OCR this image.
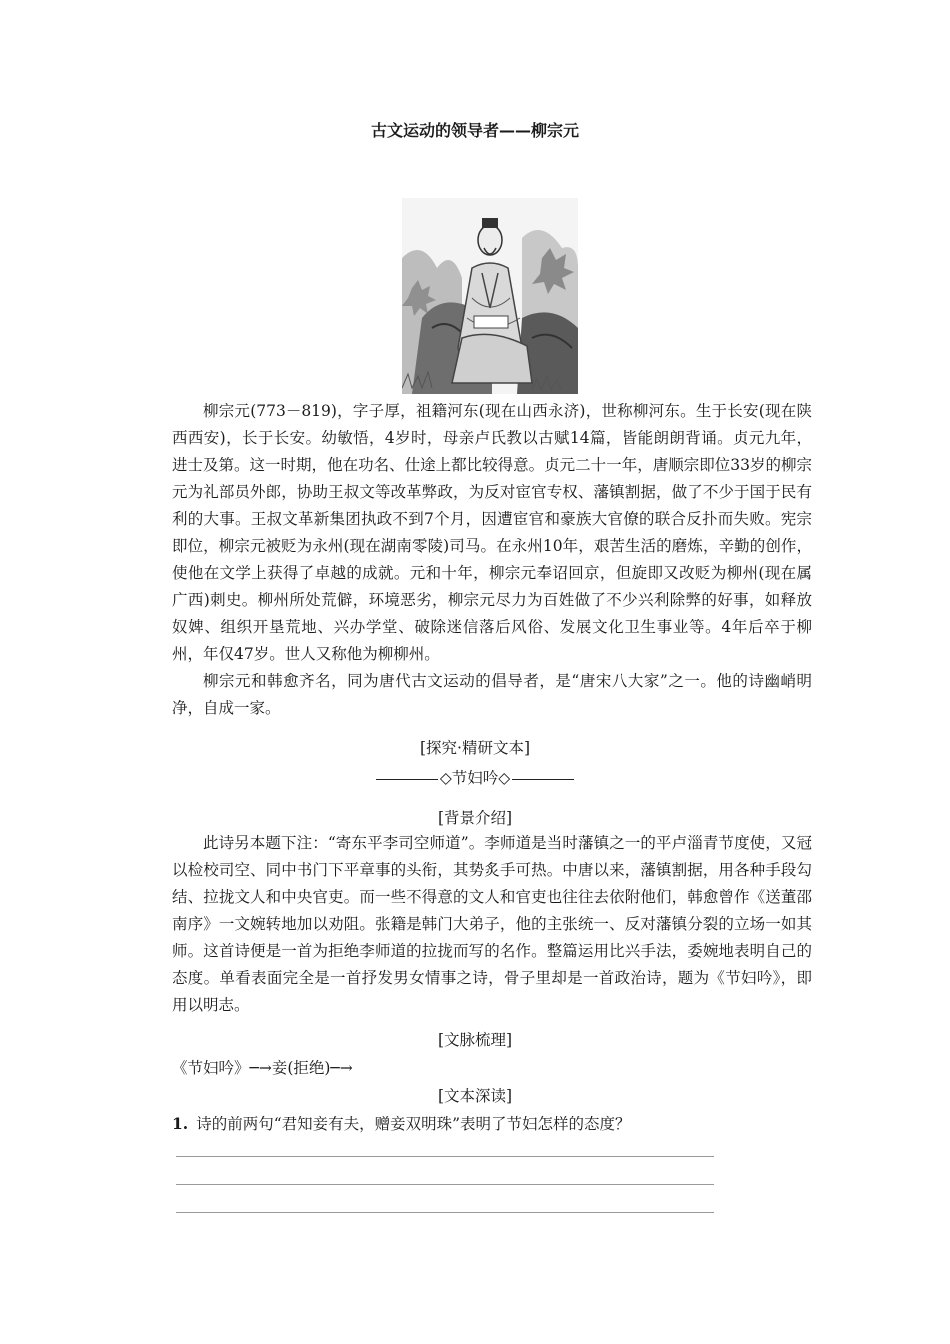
古文运动的领导者——柳宗元

柳宗元(773－819)，字子厚，祖籍河东(现在山西永济)，世称柳河东。生于长安(现在陕西西安)，长于长安。幼敏悟，4岁时，母亲卢氏教以古赋14篇，皆能朗朗背诵。贞元九年，进士及第。这一时期，他在功名、仕途上都比较得意。贞元二十一年，唐顺宗即位33岁的柳宗元为礼部员外郎，协助王叔文等改革弊政，为反对宦官专权、藩镇割据，做了不少于国于民有利的大事。王叔文革新集团执政不到7个月，因遭宦官和豪族大官僚的联合反扑而失败。宪宗即位，柳宗元被贬为永州(现在湖南零陵)司马。在永州10年，艰苦生活的磨炼，辛勤的创作，使他在文学上获得了卓越的成就。元和十年，柳宗元奉诏回京，但旋即又改贬为柳州(现在属广西)刺史。柳州所处荒僻，环境恶劣，柳宗元尽力为百姓做了不少兴利除弊的好事，如释放奴婢、组织开垦荒地、兴办学堂、破除迷信落后风俗、发展文化卫生事业等。4年后卒于柳州，年仅47岁。世人又称他为柳柳州。

柳宗元和韩愈齐名，同为唐代古文运动的倡导者，是“唐宋八大家”之一。他的诗幽峭明净，自成一家。

[探究·精研文本]
◇节妇吟◇
[背景介绍]

此诗另本题下注：“寄东平李司空师道”。李师道是当时藩镇之一的平卢淄青节度使，又冠以检校司空、同中书门下平章事的头衔，其势炙手可热。中唐以来，藩镇割据，用各种手段勾结、拉拢文人和中央官吏。而一些不得意的文人和官吏也往往去依附他们，韩愈曾作《送董邵南序》一文婉转地加以劝阻。张籍是韩门大弟子，他的主张统一、反对藩镇分裂的立场一如其师。这首诗便是一首为拒绝李师道的拉拢而写的名作。整篇运用比兴手法，委婉地表明自己的态度。单看表面完全是一首抒发男女情事之诗，骨子里却是一首政治诗，题为《节妇吟》，即用以明志。

[文脉梳理]
《节妇吟》─→妾(拒绝)─→
[文本深读]
1. 诗的前两句“君知妾有夫，赠妾双明珠”表明了节妇怎样的态度？
